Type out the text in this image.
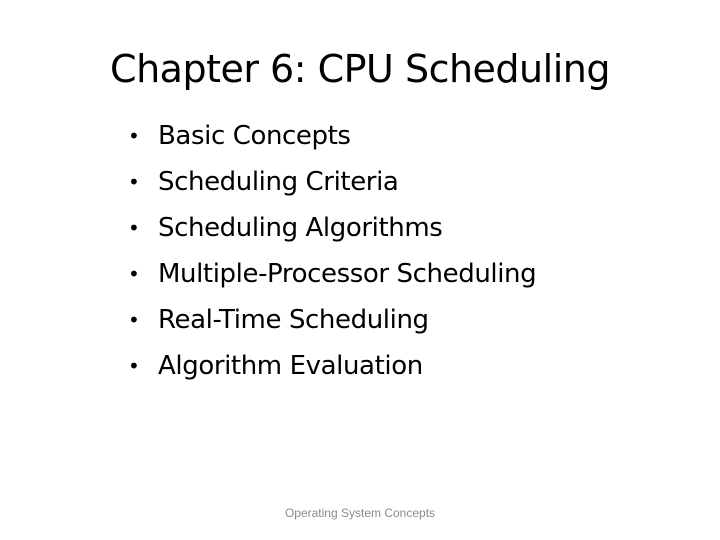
Chapter 6: CPU Scheduling
• Basic Concepts
• Scheduling Criteria
• Scheduling Algorithms
• Multiple-Processor Scheduling
• Real-Time Scheduling
• Algorithm Evaluation
Operating System Concepts
